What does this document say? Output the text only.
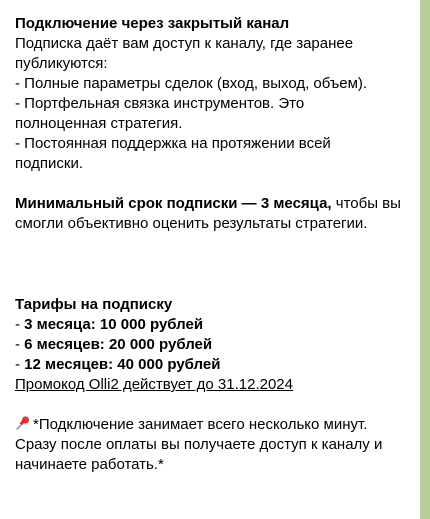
Подключение через закрытый канал
Подписка даёт вам доступ к каналу, где заранее
публикуются:
- Полные параметры сделок (вход, выход, объем).
- Портфельная связка инструментов. Это
полноценная стратегия.
- Постоянная поддержка на протяжении всей
подписки.
Минимальный срок подписки — 3 месяца, чтобы вы
смогли объективно оценить результаты стратегии.
Тарифы на подписку
- 3 месяца: 10 000 рублей
- 6 месяцев: 20 000 рублей
- 12 месяцев: 40 000 рублей
Промокод Olli2 действует до 31.12.2024
*Подключение занимает всего несколько минут.
Сразу после оплаты вы получаете доступ к каналу и
начинаете работать.*
